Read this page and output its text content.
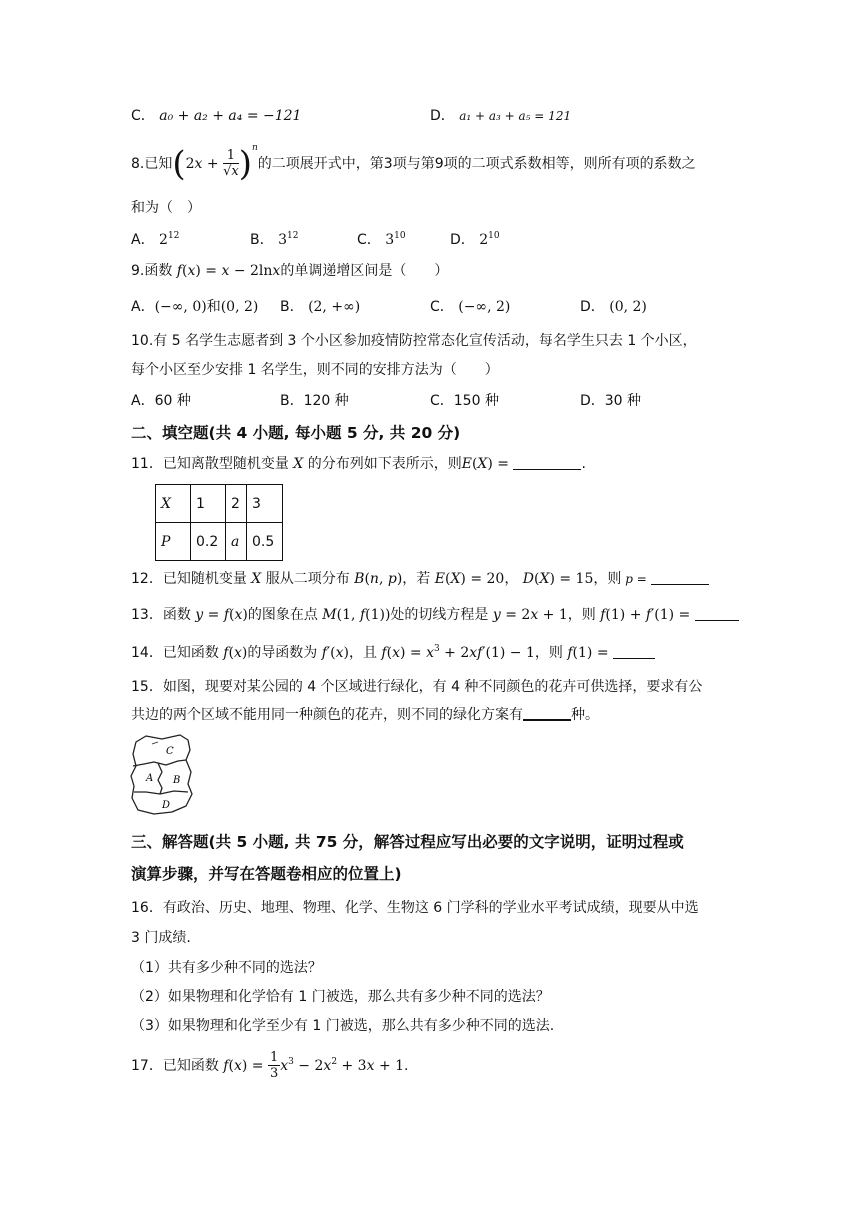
C． a₀ + a₂ + a₄ = −121	D． a₁ + a₃ + a₅ = 121
8.已知$(2x + \frac{1}{√x} )^n$的二项展开式中，第3项与第9项的二项式系数相等，则所有项的系数之
和为（　）
A． $2^{12}$	B． $3^{12}$	C． $3^{10}$	D． $2^{10}$
9.函数 f(x) = x − 2lnx的单调递增区间是（　　）
A．(−∞, 0)和(0, 2) B． (2, +∞)	C． (−∞, 2)	D． (0, 2)
10.有 5 名学生志愿者到 3 个小区参加疫情防控常态化宣传活动，每名学生只去 1 个小区，
每个小区至少安排 1 名学生，则不同的安排方法为（　　）
A．60 种	B．120 种	C．150 种	D．30 种
二、填空题(共 4 小题, 每小题 5 分, 共 20 分)
11．已知离散型随机变量 X 的分布列如下表所示，则E(X) =	.
X	1	2	3
P	0.2	a	0.5
12．已知随机变量 X 服从二项分布 B(n, p)，若 E(X) = 20， D(X) = 15，则 p =
13．函数 y = f(x)的图象在点 M(1, f(1))处的切线方程是 y = 2x + 1，则 f(1) + f′(1) =
14．已知函数 f(x)的导函数为 f′(x)，且 $f(x) = x^3 + 2xf'(1) - 1$，则 f(1) =
15．如图，现要对某公园的 4 个区域进行绿化，有 4 种不同颜色的花卉可供选择，要求有公
共边的两个区域不能用同一种颜色的花卉，则不同的绿化方案有	种。
C
A B
D
三、解答题(共 5 小题, 共 75 分，解答过程应写出必要的文字说明，证明过程或
演算步骤，并写在答题卷相应的位置上)
16．有政治、历史、地理、物理、化学、生物这 6 门学科的学业水平考试成绩，现要从中选
3 门成绩.
（1）共有多少种不同的选法？
（2）如果物理和化学恰有 1 门被选，那么共有多少种不同的选法？
（3）如果物理和化学至少有 1 门被选，那么共有多少种不同的选法.
17．已知函数 $f(x) = \frac{1}{3} x^3 - 2x^2 + 3x + 1$.
